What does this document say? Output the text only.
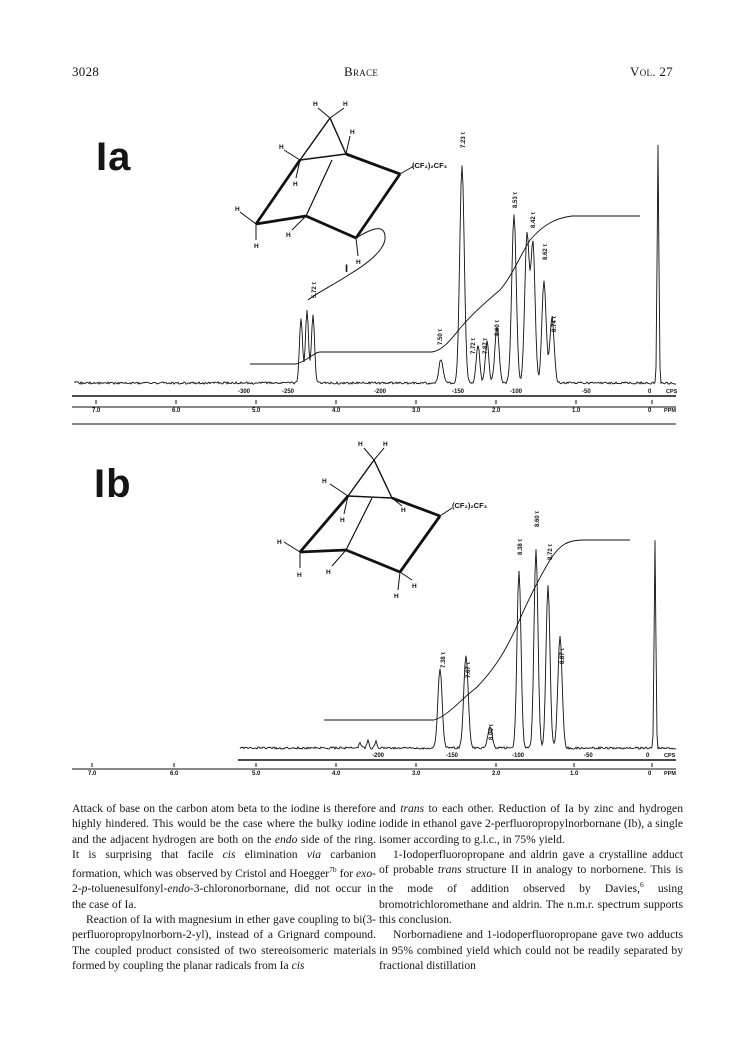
3028	Brace	Vol. 27
Ia
Ib
H	H
H
H
H
H
H
H
H
(CF₂)₂CF₃
I
5.72 τ
7.50 τ
7.23 τ
7.72 τ 7.87 τ
8.00 τ
8.53 τ
8.42 τ
8.62 τ
8.74 τ
-300	-250	-200	-150	-100	-50	0
7.0	6.0	5.0	4.0	3.0	2.0	1.0	0
CPS
PPM
H	H
H
H
H
H	H
H
H
H
(CF₂)₂CF₃
7.38 τ
7.67 τ
8.00 τ
8.38 τ
8.60 τ
8.72 τ
8.87 τ
-200	-150	-100	-50	0
7.0	6.0	5.0	4.0	3.0	2.0	1.0	0
CPS
PPM

Attack of base on the carbon atom beta to the iodine is therefore highly hindered. This would be the case where the bulky iodine and the adjacent hydrogen are both on the endo side of the ring. It is surprising that facile cis elimination via carbanion formation, which was observed by Cristol and Hoegger$^{7b}$ for exo-2-p-toluenesulfonyl-endo-3-chloronorbornane, did not occur in the case of Ia.

Reaction of Ia with magnesium in ether gave coupling to bi(3-perfluoropropylnorborn-2-yl), instead of a Grignard compound. The coupled product consisted of two stereoisomeric materials formed by coupling the planar radicals from Ia cis

and trans to each other. Reduction of Ia by zinc and hydrogen iodide in ethanol gave 2-perfluoropropylnorbornane (Ib), a single isomer according to g.l.c., in 75% yield.

1-Iodoperfluoropropane and aldrin gave a crystalline adduct of probable trans structure II in analogy to norbornene. This is the mode of addition observed by Davies,$^6$ using bromotrichloromethane and aldrin. The n.m.r. spectrum supports this conclusion.

Norbornadiene and 1-iodoperfluoropropane gave two adducts in 95% combined yield which could not be readily separated by fractional distillation
